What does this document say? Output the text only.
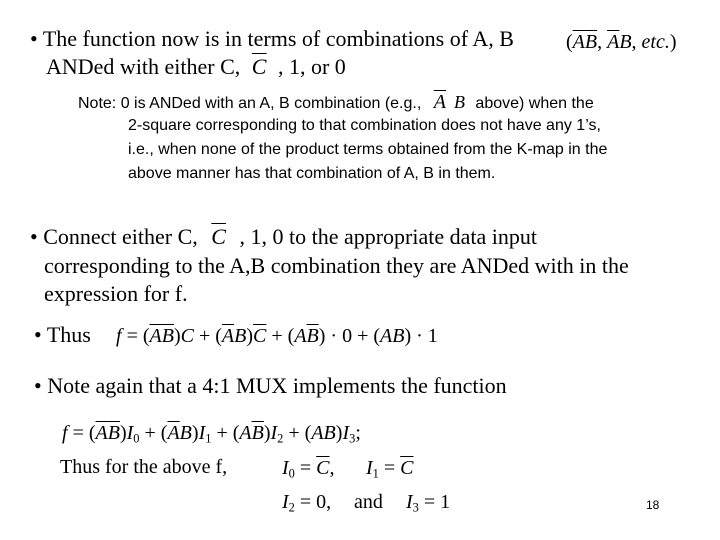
• The function now is in terms of combinations of A, B	($\overline{A}\overline{B}$, $\overline{A}B$, etc.)
ANDed with either C, $\overline{C}$ , 1, or 0
Note: 0 is ANDed with an A, B combination (e.g., $\overline{A}$ B above) when the
2-square corresponding to that combination does not have any 1’s,
i.e., when none of the product terms obtained from the K-map in the
above manner has that combination of A, B in them.
• Connect either C, $\overline{C}$ , 1, 0 to the appropriate data input
corresponding to the A,B combination they are ANDed with in the
expression for f.
• Thus $f = (\overline{A}\overline{B})C + (\overline{A}B)\overline{C} + (A\overline{B}) \cdot 0 + (AB) \cdot 1$
• Note again that a 4:1 MUX implements the function
$f = (\overline{A}\overline{B})I_0 + (\overline{A}B)I_1 + (A\overline{B})I_2 + (AB)I_3$;
Thus for the above f,	$I_0 = \overline{C}$, $I_1 = \overline{C}$
$I_2 = 0$, and $I_3 = 1$	18
